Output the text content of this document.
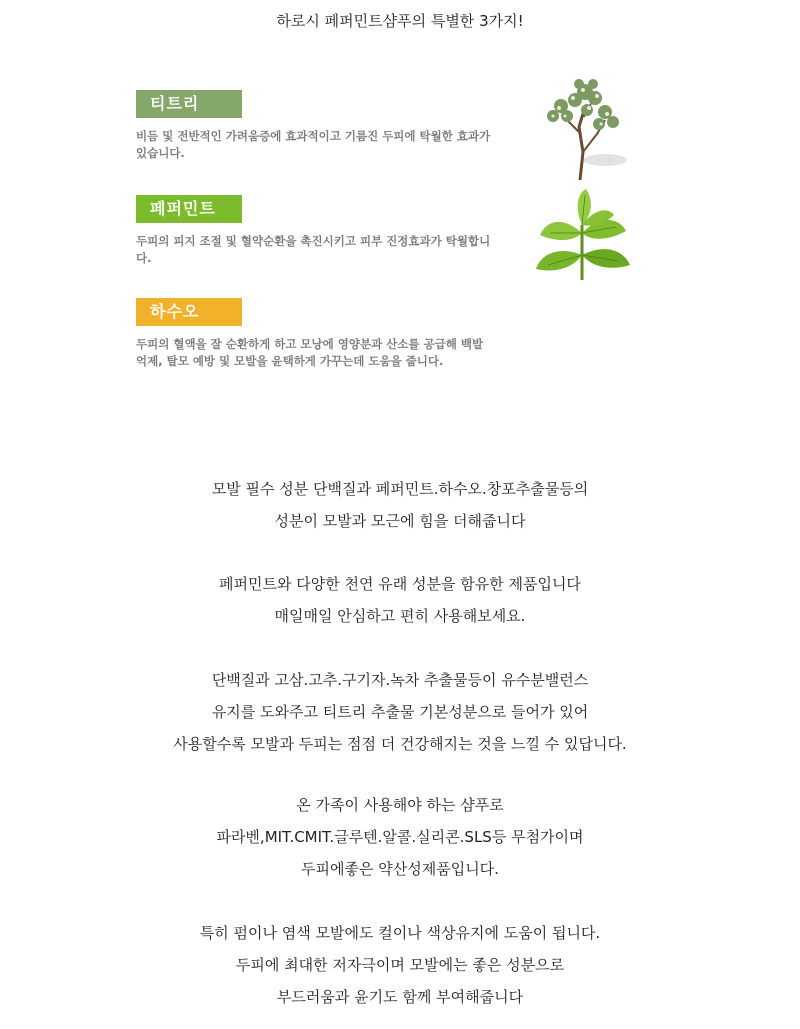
하로시 페퍼민트샴푸의 특별한 3가지!
티트리
비듬 및 전반적인 가려움증에 효과적이고 기름진 두피에 탁월한 효과가 있습니다.
페퍼민트
두피의 피지 조절 및 혈약순환을 촉진시키고 피부 진정효과가 탁월합니다.
하수오
두피의 혈액을 잘 순환하게 하고 모낭에 영양분과 산소를 공급해 백발 억제, 탈모 예방 및 모발을 윤택하게 가꾸는데 도움을 줍니다.
모발 필수 성분 단백질과 페퍼민트.하수오.창포추출물등의
성분이 모발과 모근에 힘을 더해줍니다
페퍼민트와 다양한 천연 유래 성분을 함유한 제품입니다
매일매일 안심하고 편히 사용해보세요.
단백질과 고삼.고추.구기자.녹차 추출물등이 유수분밸런스
유지를 도와주고 티트리 추출물 기본성분으로 들어가 있어
사용할수록 모발과 두피는 점점 더 건강해지는 것을 느낄 수 있답니다.
온 가족이 사용해야 하는 샴푸로
파라벤,MIT.CMIT.글루텐.알콜.실리콘.SLS등 무첨가이며
두피에좋은 약산성제품입니다.
특히 펌이나 염색 모발에도 컬이나 색상유지에 도움이 됩니다.
두피에 최대한 저자극이며 모발에는 좋은 성분으로
부드러움과 윤기도 함께 부여해줍니다
